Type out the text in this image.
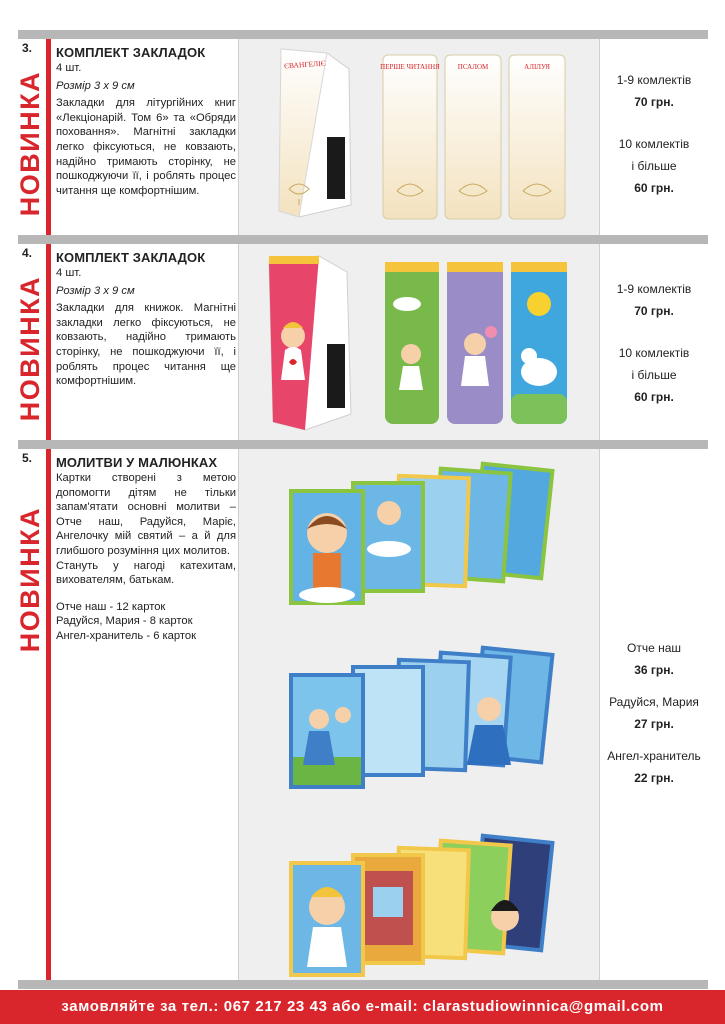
3.
НОВИНКА
КОМПЛЕКТ ЗАКЛАДОК
4 шт.
Розмір 3 х 9 см
Закладки для літургійних книг «Лекціонарій. Том 6» та «Обряди поховання». Магнітні закладки легко фіксуються, не ковзають, надійно тримають сторінку, не пошкоджуючи її, і роблять процес читання ще комфортнішим.
ЄВАНГЕЛІЄ	ПЕРШЕ ЧИТАННЯ	ПСАЛОМ	АЛІЛУЯ
1-9 комлектів
70 грн.
10 комлектів
і більше
60 грн.
4.
НОВИНКА
КОМПЛЕКТ ЗАКЛАДОК
4 шт.
Розмір 3 х 9 см
Закладки для книжок. Магнітні закладки легко фіксуються, не ковзають, надійно тримають сторінку, не пошкоджуючи її, і роблять процес читання ще комфортнішим.
1-9 комлектів
70 грн.
10 комлектів
і більше
60 грн.
5.
НОВИНКА
МОЛИТВИ У МАЛЮНКАХ
Картки створені з метою допомогти дітям не тільки запам'ятати основні молитви – Отче наш, Радуйся, Маріє, Ангелочку мій святий – а й для глибшого розуміння цих молитов.
Стануть у нагоді катехитам, вихователям, батькам.
Отче наш - 12 карток
Радуйся, Мария - 8 карток
Ангел-хранитель - 6 карток
Отче наш
36 грн.
Радуйся, Мария
27 грн.
Ангел-хранитель
22 грн.
замовляйте за тел.: 067 217 23 43 або e-mail: clarastudiowinnica@gmail.com
